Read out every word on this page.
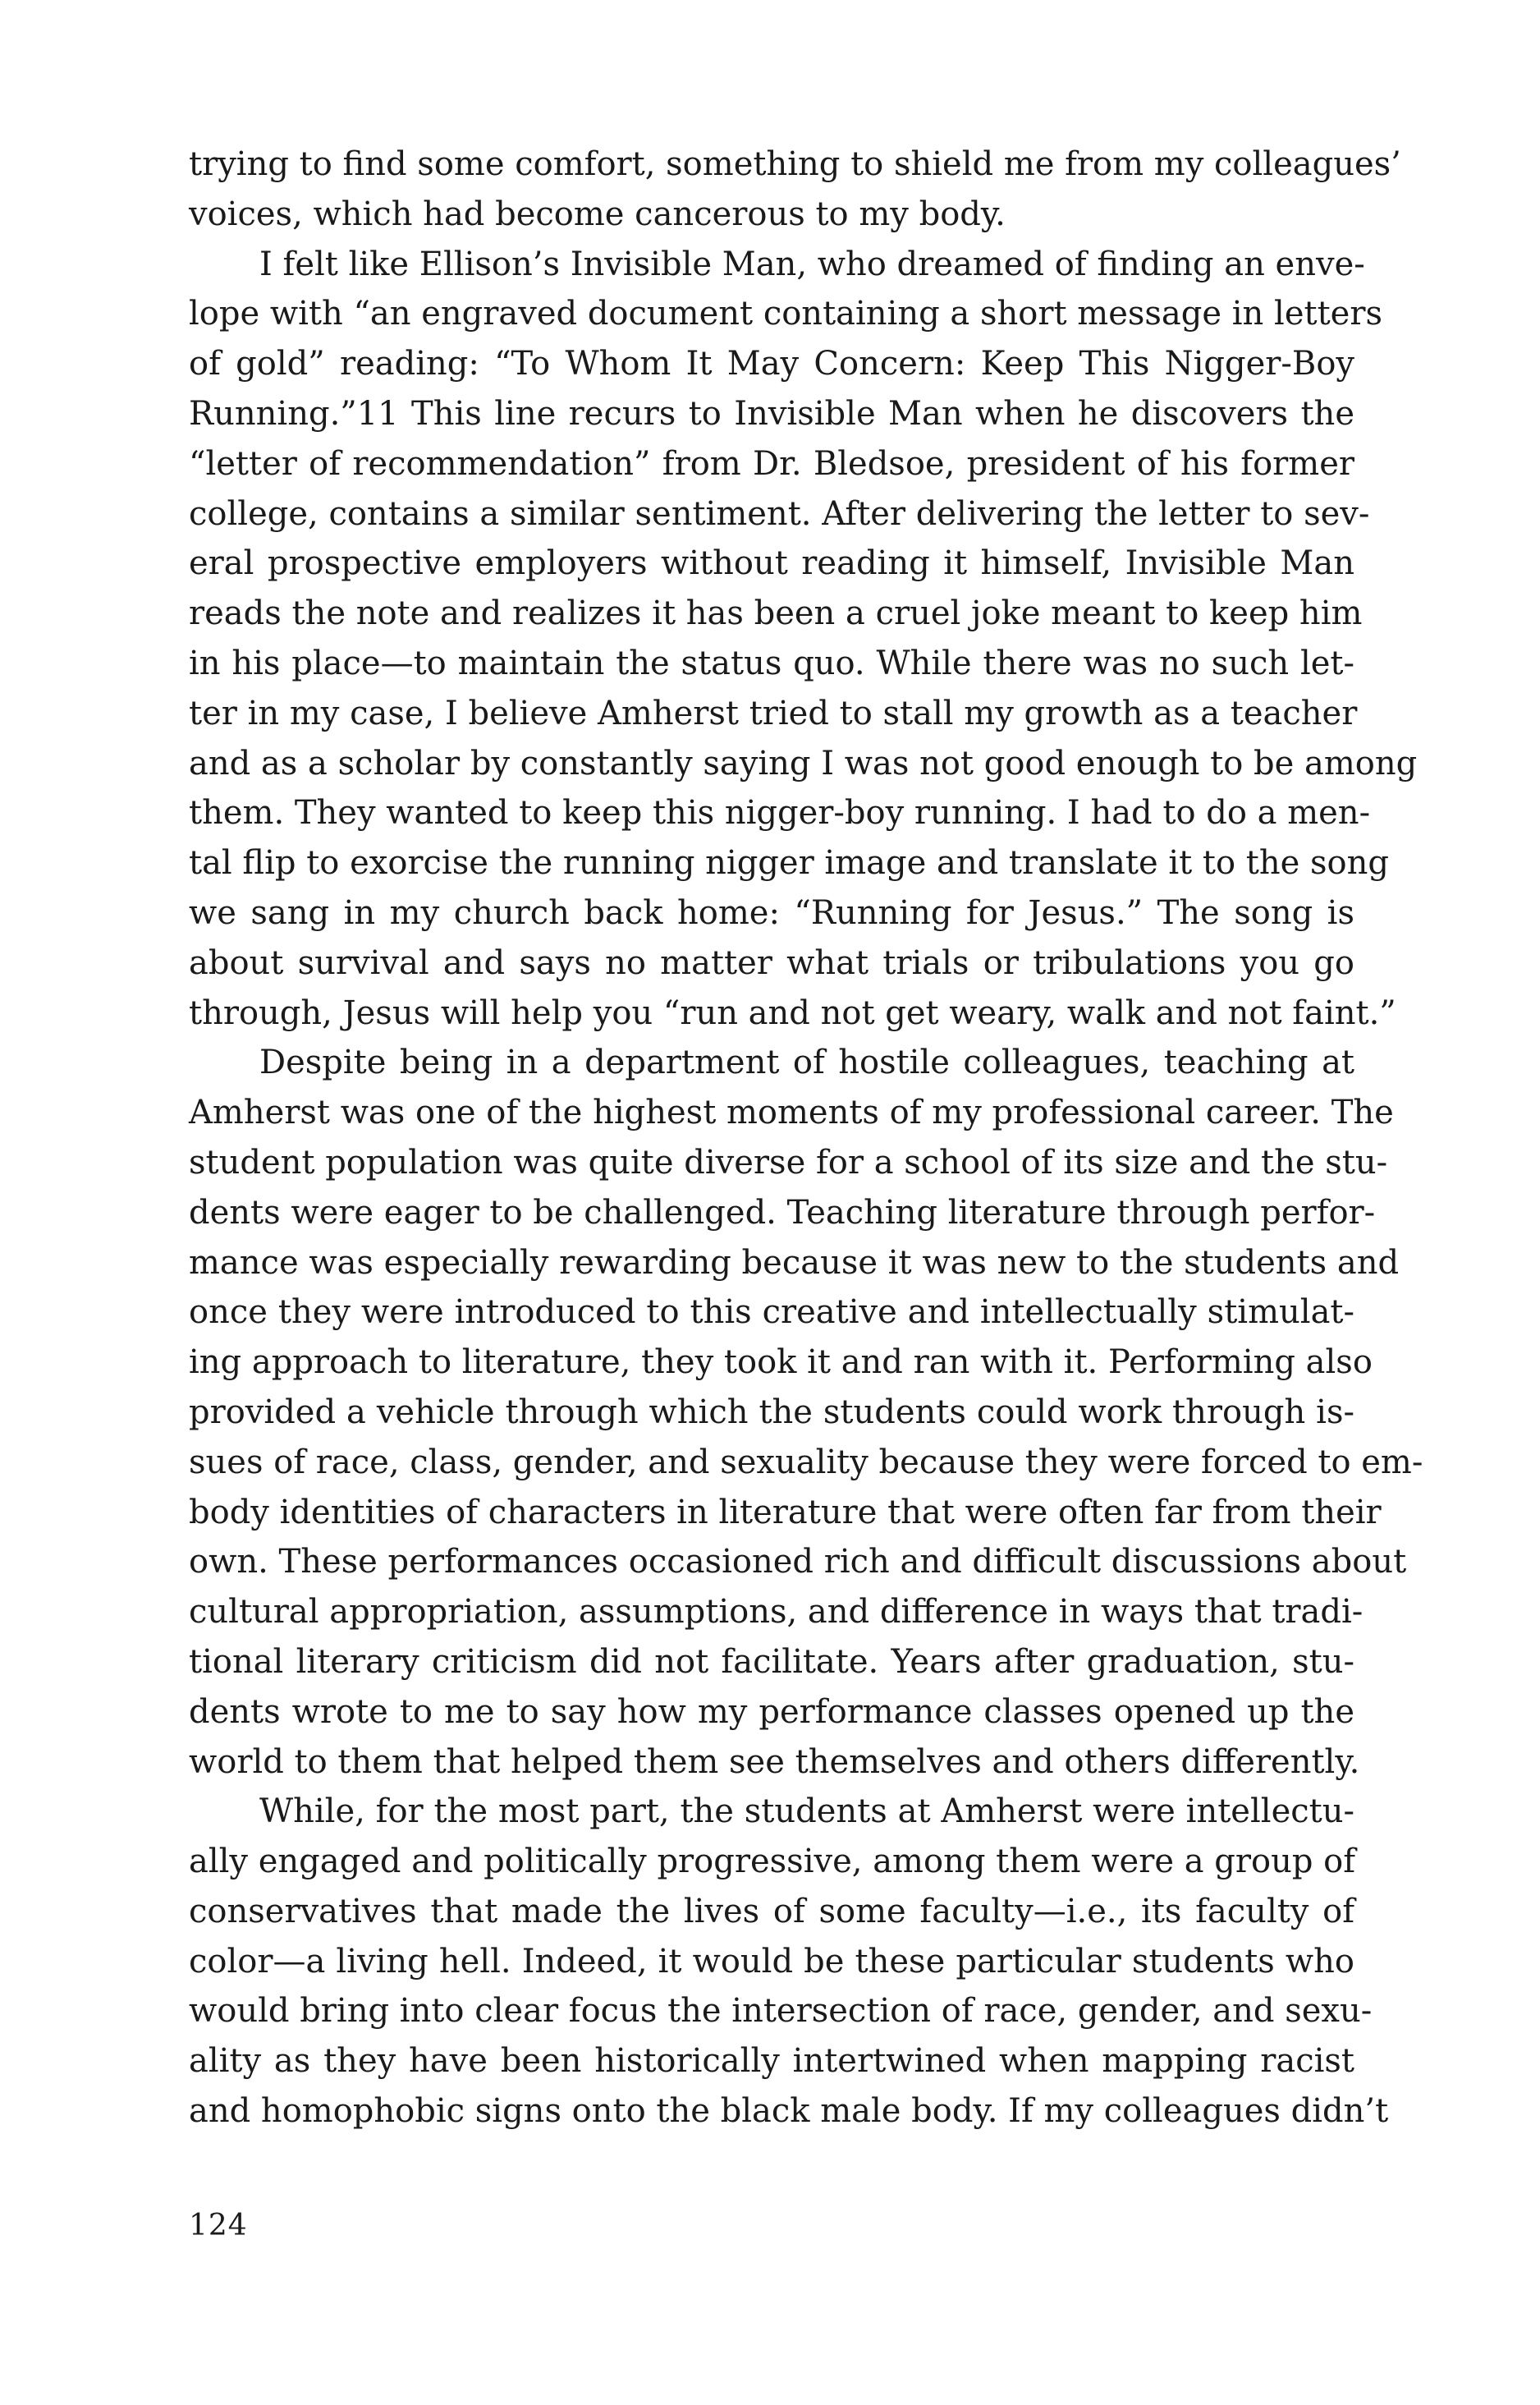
trying to find some comfort, something to shield me from my colleagues’
voices, which had become cancerous to my body.
I felt like Ellison’s Invisible Man, who dreamed of finding an enve-
lope with “an engraved document containing a short message in letters
of gold” reading: “To Whom It May Concern: Keep This Nigger-Boy
Running.”11 This line recurs to Invisible Man when he discovers the
“letter of recommendation” from Dr. Bledsoe, president of his former
college, contains a similar sentiment. After delivering the letter to sev-
eral prospective employers without reading it himself, Invisible Man
reads the note and realizes it has been a cruel joke meant to keep him
in his place—to maintain the status quo. While there was no such let-
ter in my case, I believe Amherst tried to stall my growth as a teacher
and as a scholar by constantly saying I was not good enough to be among
them. They wanted to keep this nigger-boy running. I had to do a men-
tal flip to exorcise the running nigger image and translate it to the song
we sang in my church back home: “Running for Jesus.” The song is
about survival and says no matter what trials or tribulations you go
through, Jesus will help you “run and not get weary, walk and not faint.”
Despite being in a department of hostile colleagues, teaching at
Amherst was one of the highest moments of my professional career. The
student population was quite diverse for a school of its size and the stu-
dents were eager to be challenged. Teaching literature through perfor-
mance was especially rewarding because it was new to the students and
once they were introduced to this creative and intellectually stimulat-
ing approach to literature, they took it and ran with it. Performing also
provided a vehicle through which the students could work through is-
sues of race, class, gender, and sexuality because they were forced to em-
body identities of characters in literature that were often far from their
own. These performances occasioned rich and difficult discussions about
cultural appropriation, assumptions, and difference in ways that tradi-
tional literary criticism did not facilitate. Years after graduation, stu-
dents wrote to me to say how my performance classes opened up the
world to them that helped them see themselves and others differently.
While, for the most part, the students at Amherst were intellectu-
ally engaged and politically progressive, among them were a group of
conservatives that made the lives of some faculty—i.e., its faculty of
color—a living hell. Indeed, it would be these particular students who
would bring into clear focus the intersection of race, gender, and sexu-
ality as they have been historically intertwined when mapping racist
and homophobic signs onto the black male body. If my colleagues didn’t
124
